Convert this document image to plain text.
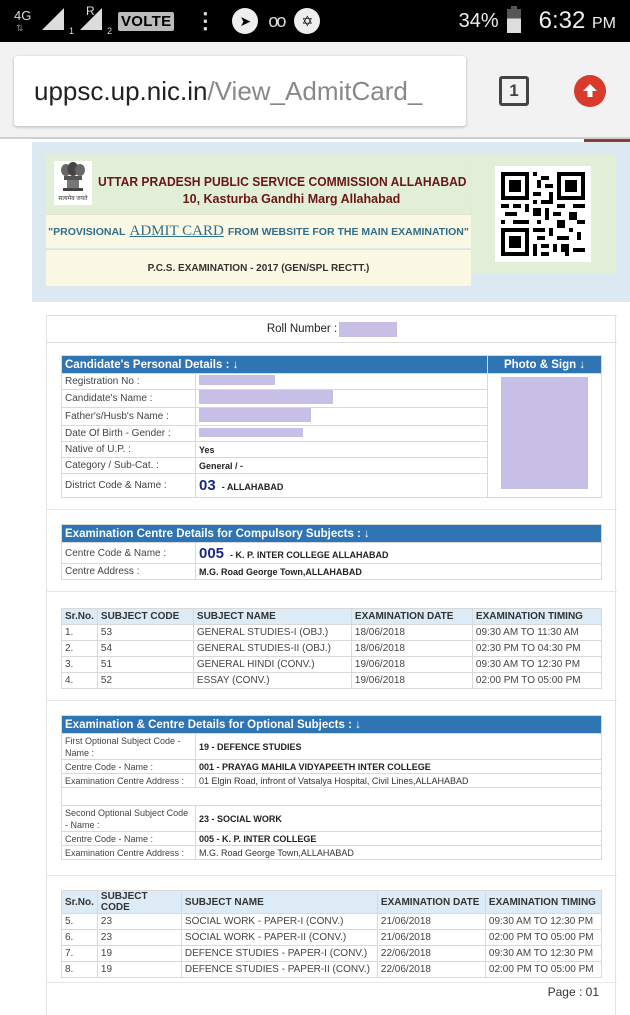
4G
⇅	1
R
2
VOLTE ⋮	➤ oo	✡	34% 6:32 PM
uppsc.up.nic.in /View_AdmitCard_	1
सत्यमेव जयते
UTTAR PRADESH PUBLIC SERVICE COMMISSION ALLAHABAD
10, Kasturba Gandhi Marg Allahabad
"PROVISIONAL ADMIT CARD FROM WEBSITE FOR THE MAIN EXAMINATION"
P.C.S. EXAMINATION - 2017 (GEN/SPL RECTT.)
Roll Number :
Candidate's Personal Details : ↓		Photo & Sign ↓
Registration No :		
Candidate's Name :		
Father's/Husb's Name :		
Date Of Birth - Gender :		
Native of U.P. :	Yes	
Category / Sub-Cat. :	General / -	
District Code & Name :	03 - ALLAHABAD	
Examination Centre Details for Compulsory Subjects : ↓	
Centre Code & Name :	005 - K. P. INTER COLLEGE ALLAHABAD
Centre Address :	M.G. Road George Town,ALLAHABAD
Sr.No.	SUBJECT CODE	SUBJECT NAME	EXAMINATION DATE	EXAMINATION TIMING
1.	53	GENERAL STUDIES-I (OBJ.)	18/06/2018	09:30 AM TO 11:30 AM
2.	54	GENERAL STUDIES-II (OBJ.)	18/06/2018	02:30 PM TO 04:30 PM
3.	51	GENERAL HINDI (CONV.)	19/06/2018	09:30 AM TO 12:30 PM
4.	52	ESSAY (CONV.)	19/06/2018	02:00 PM TO 05:00 PM
Examination & Centre Details for Optional Subjects : ↓	
First Optional Subject Code - Name :	19 - DEFENCE STUDIES
Centre Code - Name :	001 - PRAYAG MAHILA VIDYAPEETH INTER COLLEGE
Examination Centre Address :	01 Elgin Road, infront of Vatsalya Hospital, Civil Lines,ALLAHABAD

Second Optional Subject Code - Name :	23 - SOCIAL WORK
Centre Code - Name :	005 - K. P. INTER COLLEGE
Examination Centre Address :	M.G. Road George Town,ALLAHABAD
Sr.No.	SUBJECT CODE	SUBJECT NAME	EXAMINATION DATE	EXAMINATION TIMING
5.	23	SOCIAL WORK - PAPER-I (CONV.)	21/06/2018	09:30 AM TO 12:30 PM
6.	23	SOCIAL WORK - PAPER-II (CONV.)	21/06/2018	02:00 PM TO 05:00 PM
7.	19	DEFENCE STUDIES - PAPER-I (CONV.)	22/06/2018	09:30 AM TO 12:30 PM
8.	19	DEFENCE STUDIES - PAPER-II (CONV.)	22/06/2018	02:00 PM TO 05:00 PM
Page : 01
